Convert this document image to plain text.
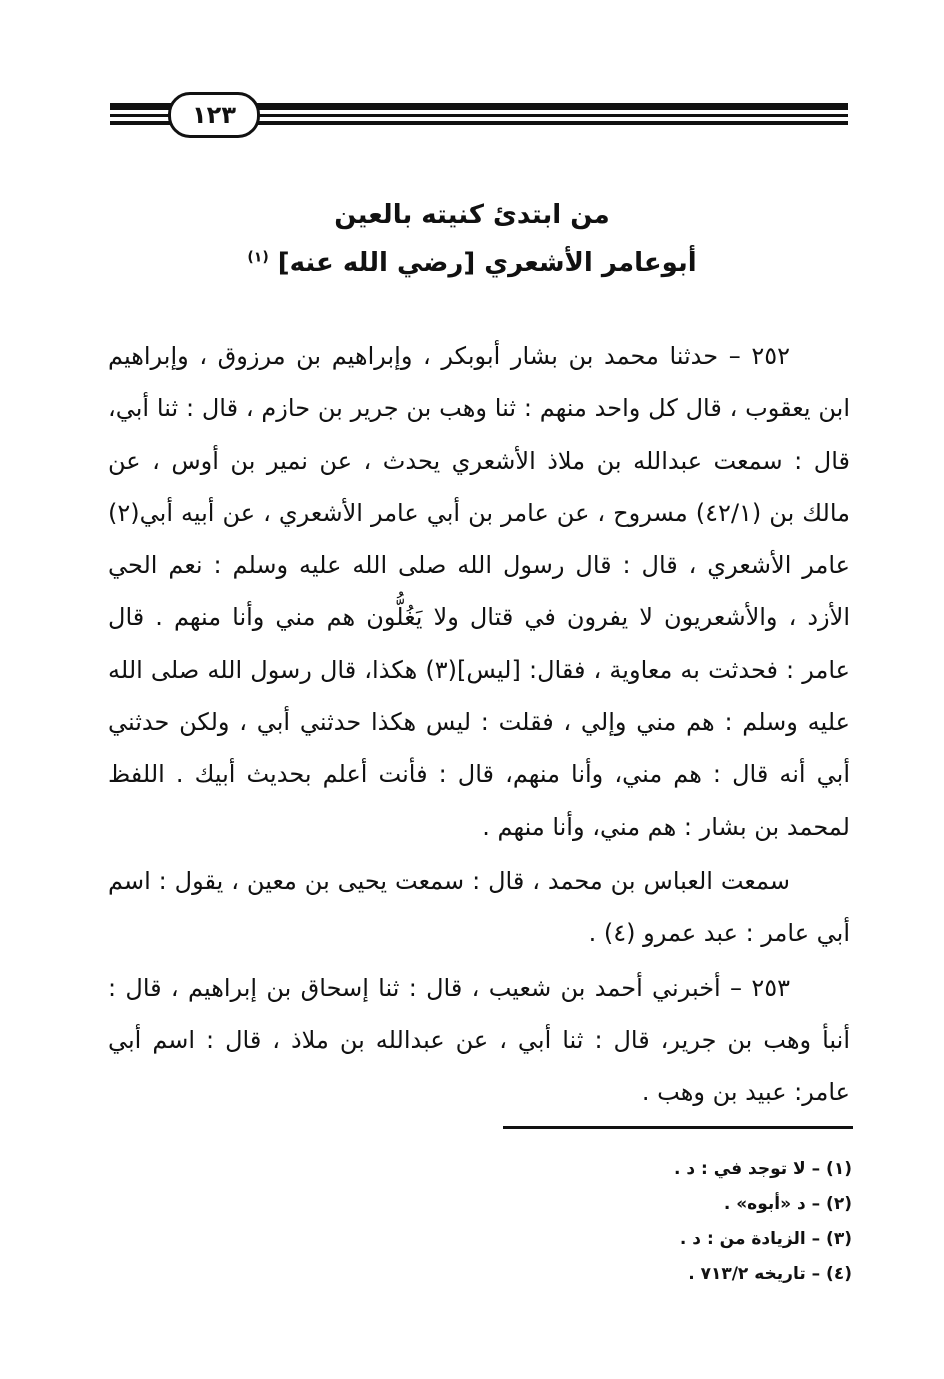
١٢٣
من ابتدئ كنيته بالعين
أبوعامر الأشعري [رضي الله عنه] $^{(١)}$

٢٥٢ – حدثنا محمد بن بشار أبوبكر ، وإبراهيم بن مرزوق ، وإبراهيم ابن يعقوب ، قال كل واحد منهم : ثنا وهب بن جرير بن حازم ، قال : ثنا أبي، قال : سمعت عبدالله بن ملاذ الأشعري يحدث ، عن نمير بن أوس ، عن مالك بن (٤٢/١) مسروح ، عن عامر بن أبي عامر الأشعري ، عن أبيه أبي(٢) عامر الأشعري ، قال : قال رسول الله صلى الله عليه وسلم : نعم الحي الأزد ، والأشعريون لا يفرون في قتال ولا يَغُلُّون هم مني وأنا منهم . قال عامر : فحدثت به معاوية ، فقال: [ليس](٣) هكذا، قال رسول الله صلى الله عليه وسلم : هم مني وإلي ، فقلت : ليس هكذا حدثني أبي ، ولكن حدثني أبي أنه قال : هم مني، وأنا منهم، قال : فأنت أعلم بحديث أبيك . اللفظ لمحمد بن بشار : هم مني، وأنا منهم .

سمعت العباس بن محمد ، قال : سمعت يحيى بن معين ، يقول : اسم أبي عامر : عبد عمرو (٤) .

٢٥٣ – أخبرني أحمد بن شعيب ، قال : ثنا إسحاق بن إبراهيم ، قال : أنبأ وهب بن جرير، قال : ثنا أبي ، عن عبدالله بن ملاذ ، قال : اسم أبي عامر: عبيد بن وهب .

(١) – لا توجد في : د .
(٢) – د «أبوه» .
(٣) – الزيادة من : د .
(٤) – تاريخه ٧١٣/٢ .
